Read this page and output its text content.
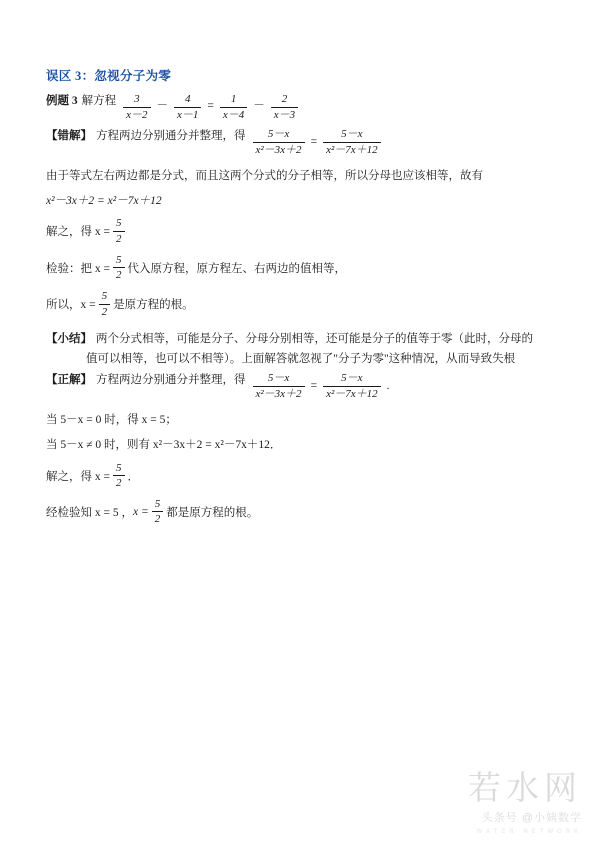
误区 3：忽视分子为零
例题 3 解方程 $\frac{3}{x-2} - \frac{4}{x-1} = \frac{1}{x-4} - \frac{2}{x-3}$
【错解】 方程两边分别通分并整理，得 $\frac{5-x}{\text{x²－3x＋2}} = \frac{5-x}{\text{x²－7x＋12}}$
由于等式左右两边都是分式，而且这两个分式的分子相等，所以分母也应该相等，故有
x²－3x＋2 = x²－7x＋12
解之，得 $x = \frac{5}{2}$
检验：把 $x = \frac{5}{2}$ 代入原方程，原方程左、右两边的值相等，
所以，$x = \frac{5}{2}$ 是原方程的根。
【小结】 两个分式相等，可能是分子、分母分别相等，还可能是分子的值等于零（此时，分母的
值可以相等，也可以不相等）。上面解答就忽视了"分子为零"这种情况，从而导致失根
【正解】 方程两边分别通分并整理，得 $\frac{5-x}{\text{x²－3x＋2}} = \frac{5-x}{\text{x²－7x＋12}}$ .
当 5－x = 0 时，得 x = 5；
当 5－x ≠ 0 时，则有 x²－3x＋2 = x²－7x＋12．
解之，得 $x = \frac{5}{2}$ ．
经检验知 x = 5 ， $x = \frac{5}{2}$ 都是原方程的根。
若水网
头条号 @小姨数学
WATER NETWORK
